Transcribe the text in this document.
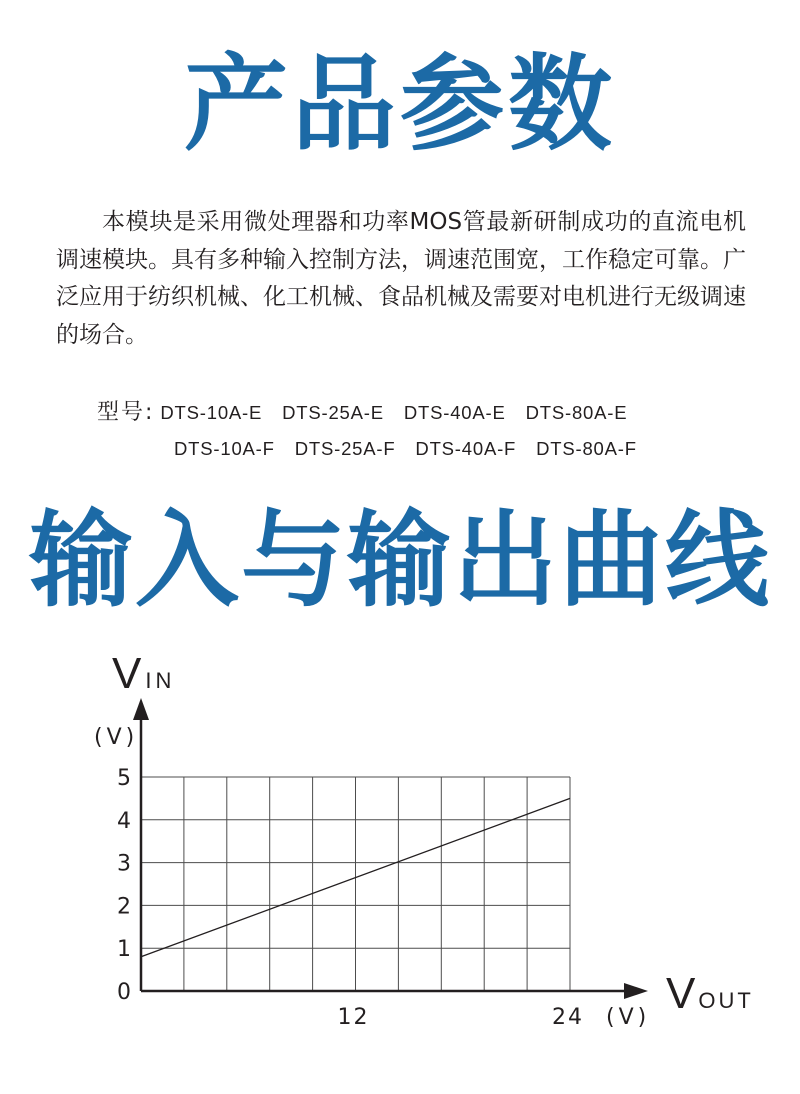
产品参数

本模块是采用微处理器和功率MOS管最新研制成功的直流电机调速模块。具有多种输入控制方法，调速范围宽，工作稳定可靠。广泛应用于纺织机械、化工机械、食品机械及需要对电机进行无级调速的场合。

型号: DTS-10A-E DTS-25A-E DTS-40A-E DTS-80A-E
DTS-10A-F DTS-25A-F DTS-40A-F DTS-80A-F
输入与输出曲线
0
1
2
3
4
5
12	24
VIN
(V)
VOUT
(V)
